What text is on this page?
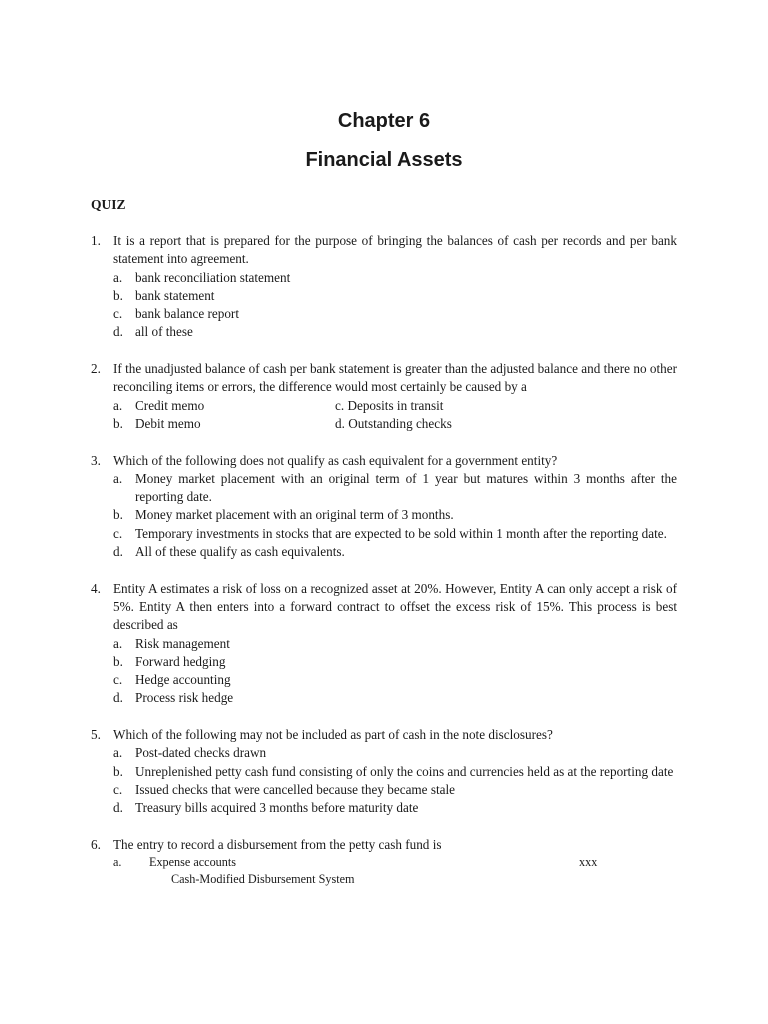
Chapter 6
Financial Assets
QUIZ
1. It is a report that is prepared for the purpose of bringing the balances of cash per records and per bank statement into agreement.
a. bank reconciliation statement
b. bank statement
c. bank balance report
d. all of these
2. If the unadjusted balance of cash per bank statement is greater than the adjusted balance and there no other reconciling items or errors, the difference would most certainly be caused by a
a. Credit memo	c. Deposits in transit
b. Debit memo	d. Outstanding checks
3. Which of the following does not qualify as cash equivalent for a government entity?
a. Money market placement with an original term of 1 year but matures within 3 months after the reporting date.
b. Money market placement with an original term of 3 months.
c. Temporary investments in stocks that are expected to be sold within 1 month after the reporting date.
d. All of these qualify as cash equivalents.
4. Entity A estimates a risk of loss on a recognized asset at 20%. However, Entity A can only accept a risk of 5%. Entity A then enters into a forward contract to offset the excess risk of 15%. This process is best described as
a. Risk management
b. Forward hedging
c. Hedge accounting
d. Process risk hedge
5. Which of the following may not be included as part of cash in the note disclosures?
a. Post-dated checks drawn
b. Unreplenished petty cash fund consisting of only the coins and currencies held as at the reporting date
c. Issued checks that were cancelled because they became stale
d. Treasury bills acquired 3 months before maturity date
6. The entry to record a disbursement from the petty cash fund is
a. Expense accounts	xxx
Cash-Modified Disbursement System
